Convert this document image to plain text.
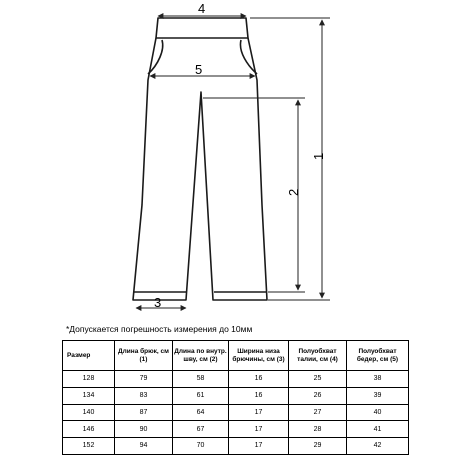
4
5
1
2
3
*Допускается погрешность измерения до 10мм
Размер	Длина брюк, см (1)	Длина по внутр. шву, см (2)	Ширина низа брючины, см (3)	Полуобхват талии, см (4)	Полуобхват бедер, см (5)
128	79	58	16	25	38
134	83	61	16	26	39
140	87	64	17	27	40
146	90	67	17	28	41
152	94	70	17	29	42
